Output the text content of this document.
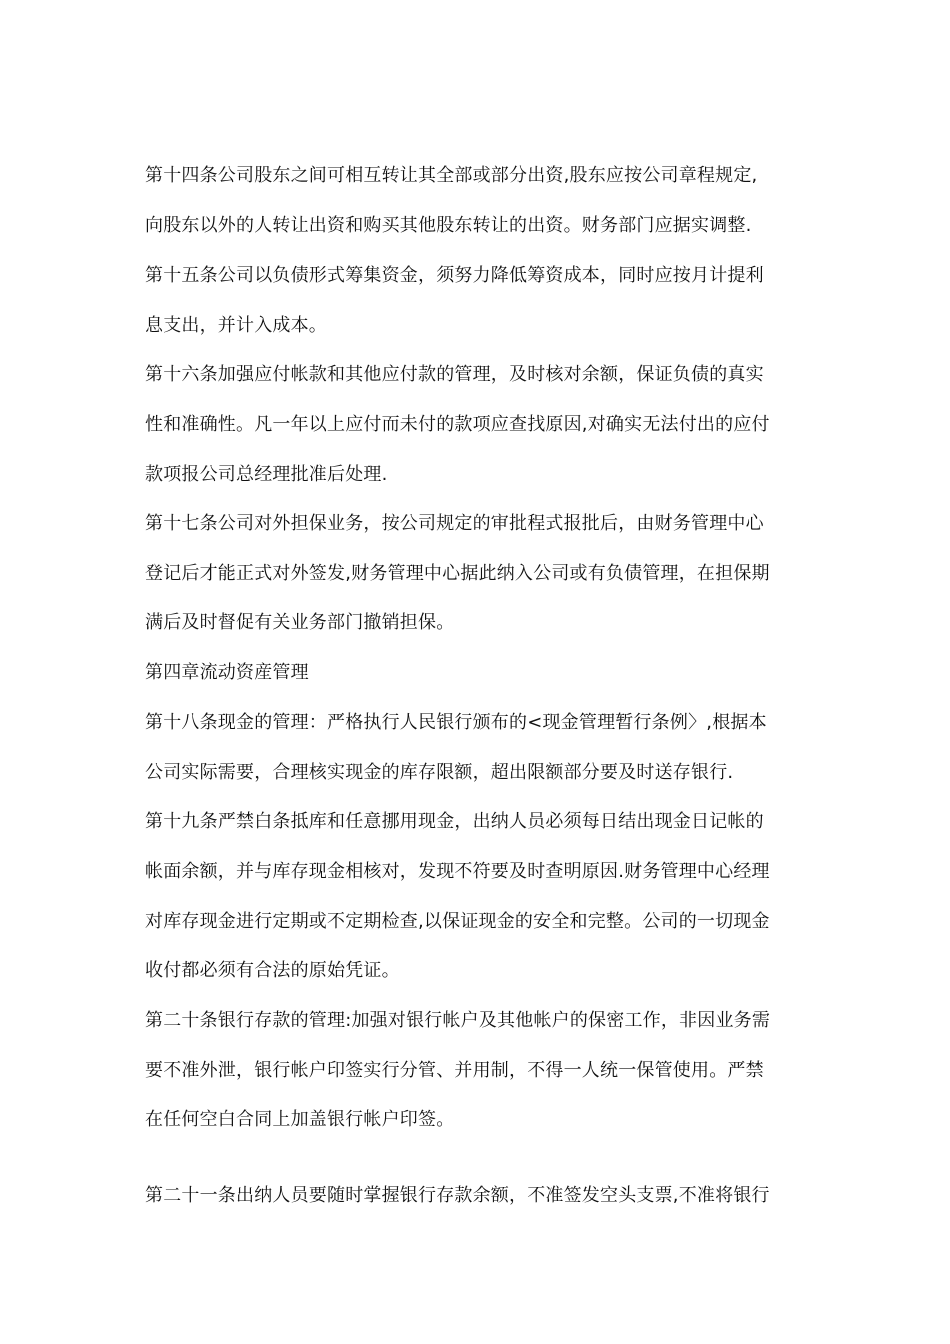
第十四条公司股东之间可相互转让其全部或部分出资,股东应按公司章程规定,
向股东以外的人转让出资和购买其他股东转让的出资。财务部门应据实调整.
第十五条公司以负债形式筹集资金，须努力降低筹资成本，同时应按月计提利
息支出，并计入成本。
第十六条加强应付帐款和其他应付款的管理，及时核对余额，保证负债的真实
性和准确性。凡一年以上应付而未付的款项应查找原因,对确实无法付出的应付
款项报公司总经理批准后处理.
第十七条公司对外担保业务，按公司规定的审批程式报批后，由财务管理中心
登记后才能正式对外签发,财务管理中心据此纳入公司或有负债管理，在担保期
满后及时督促有关业务部门撤销担保。
第四章流动资産管理
第十八条现金的管理：严格执行人民银行颁布的<现金管理暂行条例〉,根据本
公司实际需要，合理核实现金的库存限额，超出限额部分要及时送存银行.
第十九条严禁白条抵库和任意挪用现金，出纳人员必须每日结出现金日记帐的
帐面余额，并与库存现金相核对，发现不符要及时查明原因.财务管理中心经理
对库存现金进行定期或不定期检查,以保证现金的安全和完整。公司的一切现金
收付都必须有合法的原始凭证。
第二十条银行存款的管理:加强对银行帐户及其他帐户的保密工作，非因业务需
要不准外泄，银行帐户印签实行分管、并用制，不得一人统一保管使用。严禁
在任何空白合同上加盖银行帐户印签。
第二十一条出纳人员要随时掌握银行存款余额，不准签发空头支票,不准将银行
